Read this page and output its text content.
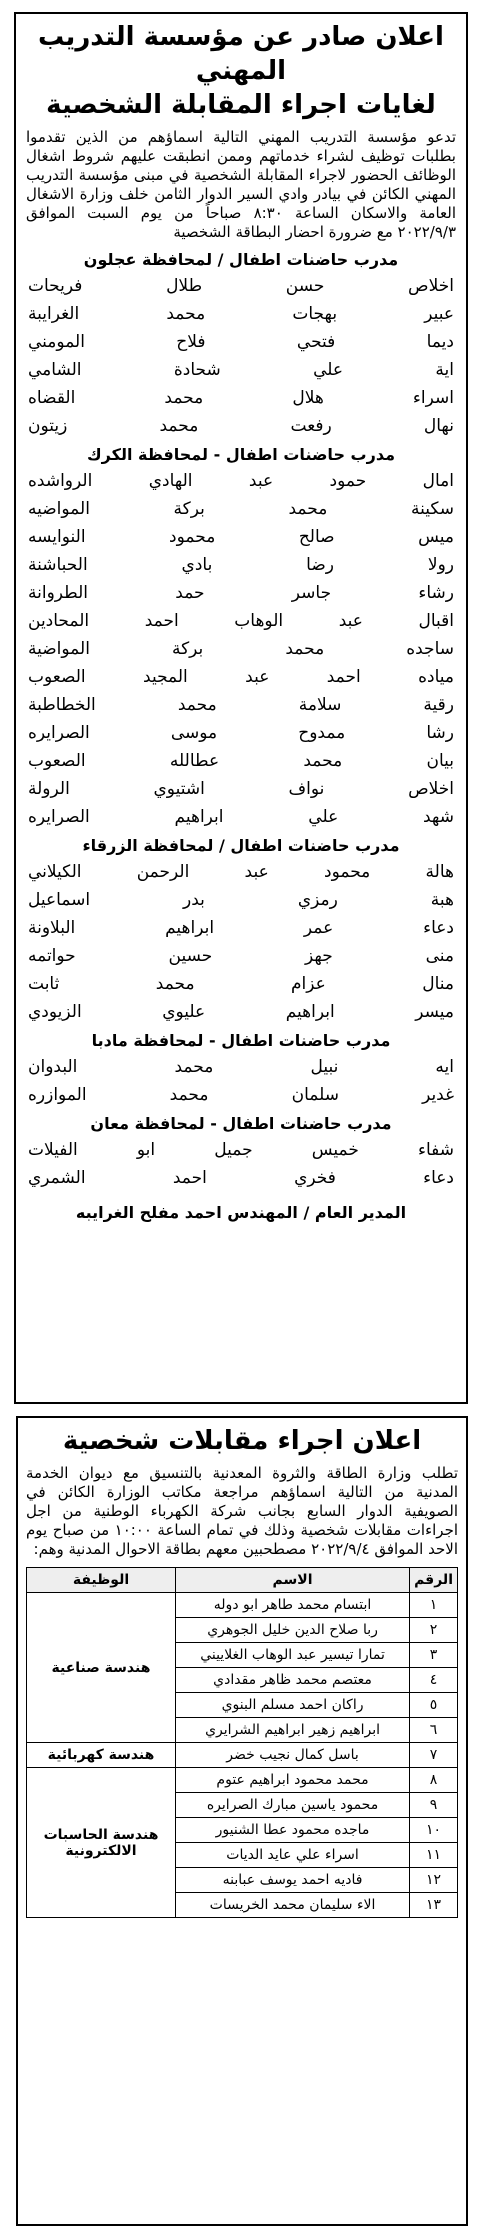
اعلان صادر عن مؤسسة التدريب المهني
لغايات اجراء المقابلة الشخصية
تدعو مؤسسة التدريب المهني التالية اسماؤهم من الذين تقدموا بطلبات توظيف لشراء خدماتهم وممن انطبقت عليهم شروط اشغال الوظائف الحضور لاجراء المقابلة الشخصية في مبنى مؤسسة التدريب المهني الكائن في بيادر وادي السير الدوار الثامن خلف وزارة الاشغال العامة والاسكان الساعة ٨:٣٠ صباحاً من يوم السبت الموافق ٢٠٢٢/٩/٣ مع ضرورة احضار البطاقة الشخصية
مدرب حاضنات اطفال / لمحافظة عجلون
اخلاص حسن طلال فريحات
عبير بهجات محمد الغرايبة
ديما فتحي فلاح المومني
اية علي شحادة الشامي
اسراء هلال محمد القضاه
نهال رفعت محمد زيتون
مدرب حاضنات اطفال - لمحافظة الكرك
امال حمود عبد الهادي الرواشده
سكينة محمد بركة المواضيه
ميس صالح محمود النوايسه
رولا رضا بادي الحباشنة
رشاء جاسر حمد الطروانة
اقبال عبد الوهاب احمد المحادين
ساجده محمد بركة المواضية
مياده احمد عبد المجيد الصعوب
رقية سلامة محمد الخطاطبة
رشا ممدوح موسى الصرايره
بيان محمد عطالله الصعوب
اخلاص نواف اشتيوي الرولة
شهد علي ابراهيم الصرايره
مدرب حاضنات اطفال / لمحافظة الزرقاء
هالة محمود عبد الرحمن الكيلاني
هبة رمزي بدر اسماعيل
دعاء عمر ابراهيم البلاونة
منى جهز حسين حواتمه
منال عزام محمد ثابت
ميسر ابراهيم عليوي الزيودي
مدرب حاضنات اطفال - لمحافظة مادبا
ايه نبيل محمد البدوان
غدير سلمان محمد الموازره
مدرب حاضنات اطفال - لمحافظة معان
شفاء خميس جميل ابو الفيلات
دعاء فخري احمد الشمري
المدير العام / المهندس احمد مفلح الغرايبه
اعلان اجراء مقابلات شخصية
تطلب وزارة الطاقة والثروة المعدنية بالتنسيق مع ديوان الخدمة المدنية من التالية اسماؤهم مراجعة مكاتب الوزارة الكائن في الصويفية الدوار السابع بجانب شركة الكهرباء الوطنية من اجل اجراءات مقابلات شخصية وذلك في تمام الساعة ١٠:٠٠ من صباح يوم الاحد الموافق ٢٠٢٢/٩/٤ مصطحبين معهم بطاقة الاحوال المدنية وهم:
الرقم	الاسم	الوظيفة
١	ابتسام محمد طاهر ابو دوله	هندسة صناعية
٢	ربا صلاح الدين خليل الجوهري	
٣	تمارا تيسير عبد الوهاب الغلاييني	
٤	معتصم محمد ظاهر مقدادي	
٥	راكان احمد مسلم البنوي	
٦	ابراهيم زهير ابراهيم الشرايري	
٧	باسل كمال نجيب خضر	هندسة كهربائية
٨	محمد محمود ابراهيم عتوم	هندسة الحاسبات الالكترونية
٩	محمود ياسين مبارك الصرايره	
١٠	ماجده محمود عطا الشنيور	
١١	اسراء علي عايد الديات	
١٢	فاديه احمد يوسف عبابنه	
١٣	الاء سليمان محمد الخريسات	
